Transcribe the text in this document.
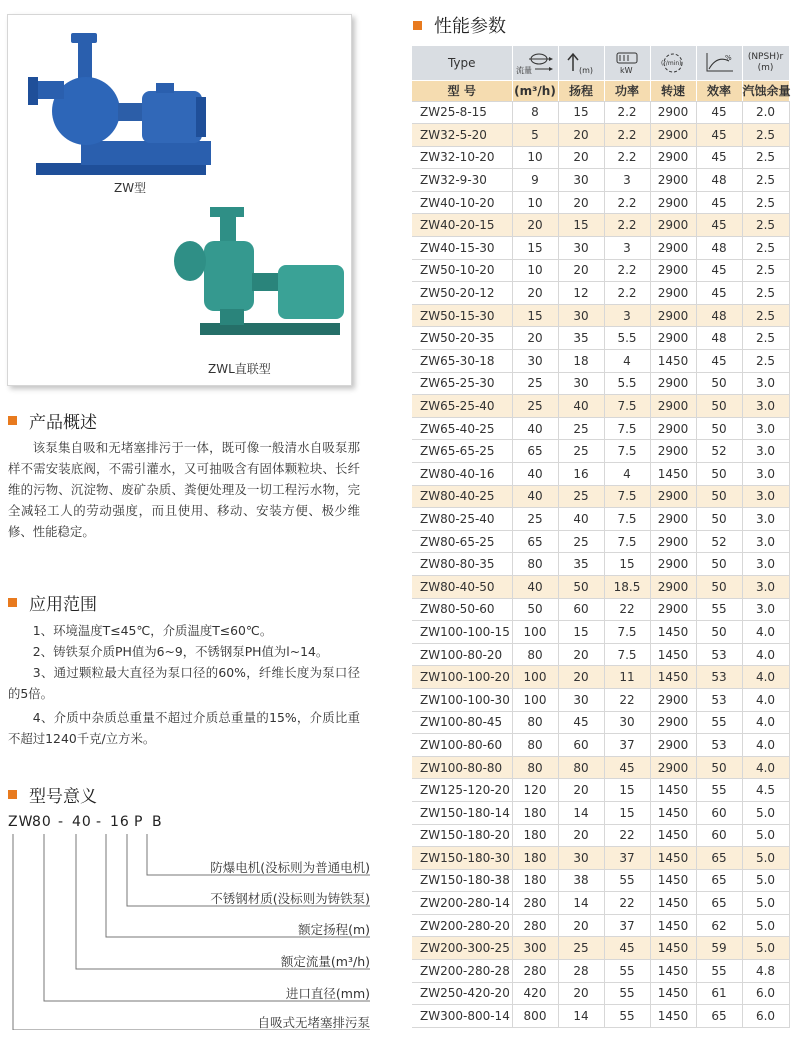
ZW型
ZWL直联型
产品概述

该泵集自吸和无堵塞排污于一体，既可像一般清水自吸泵那样不需安装底阀，不需引灌水，又可抽吸含有固体颗粒块、长纤维的污物、沉淀物、废矿杂质、粪便处理及一切工程污水物，完全减轻工人的劳动强度，而且使用、移动、安装方便、极少维修、性能稳定。

应用范围

1、环境温度T≤45℃，介质温度T≤60℃。

2、铸铁泵介质PH值为6~9，不锈钢泵PH值为l~14。

3、通过颗粒最大直径为泵口径的60%，纤维长度为泵口径的5倍。

4、介质中杂质总重量不超过介质总重量的15%，介质比重不超过1240千克/立方米。

型号意义
ZW80 - 40 - 16 P B
防爆电机(没标则为普通电机)
不锈钢材质(没标则为铸铁泵)
额定扬程(m)
额定流量(m³/h)
进口直径(mm)
自吸式无堵塞排污泵
性能参数
Type	流量	(m)	kW	(r/min)	%	(NPSH)r
(m)

型 号	(m³/h)	扬程	功率	转速	效率	汽蚀余量
ZW25-8-15	8	15	2.2	2900	45	2.0
ZW32-5-20	5	20	2.2	2900	45	2.5
ZW32-10-20	10	20	2.2	2900	45	2.5
ZW32-9-30	9	30	3	2900	48	2.5
ZW40-10-20	10	20	2.2	2900	45	2.5
ZW40-20-15	20	15	2.2	2900	45	2.5
ZW40-15-30	15	30	3	2900	48	2.5
ZW50-10-20	10	20	2.2	2900	45	2.5
ZW50-20-12	20	12	2.2	2900	45	2.5
ZW50-15-30	15	30	3	2900	48	2.5
ZW50-20-35	20	35	5.5	2900	48	2.5
ZW65-30-18	30	18	4	1450	45	2.5
ZW65-25-30	25	30	5.5	2900	50	3.0
ZW65-25-40	25	40	7.5	2900	50	3.0
ZW65-40-25	40	25	7.5	2900	50	3.0
ZW65-65-25	65	25	7.5	2900	52	3.0
ZW80-40-16	40	16	4	1450	50	3.0
ZW80-40-25	40	25	7.5	2900	50	3.0
ZW80-25-40	25	40	7.5	2900	50	3.0
ZW80-65-25	65	25	7.5	2900	52	3.0
ZW80-80-35	80	35	15	2900	50	3.0
ZW80-40-50	40	50	18.5	2900	50	3.0
ZW80-50-60	50	60	22	2900	55	3.0
ZW100-100-15	100	15	7.5	1450	50	4.0
ZW100-80-20	80	20	7.5	1450	53	4.0
ZW100-100-20	100	20	11	1450	53	4.0
ZW100-100-30	100	30	22	2900	53	4.0
ZW100-80-45	80	45	30	2900	55	4.0
ZW100-80-60	80	60	37	2900	53	4.0
ZW100-80-80	80	80	45	2900	50	4.0
ZW125-120-20	120	20	15	1450	55	4.5
ZW150-180-14	180	14	15	1450	60	5.0
ZW150-180-20	180	20	22	1450	60	5.0
ZW150-180-30	180	30	37	1450	65	5.0
ZW150-180-38	180	38	55	1450	65	5.0
ZW200-280-14	280	14	22	1450	65	5.0
ZW200-280-20	280	20	37	1450	62	5.0
ZW200-300-25	300	25	45	1450	59	5.0
ZW200-280-28	280	28	55	1450	55	4.8
ZW250-420-20	420	20	55	1450	61	6.0
ZW300-800-14	800	14	55	1450	65	6.0
